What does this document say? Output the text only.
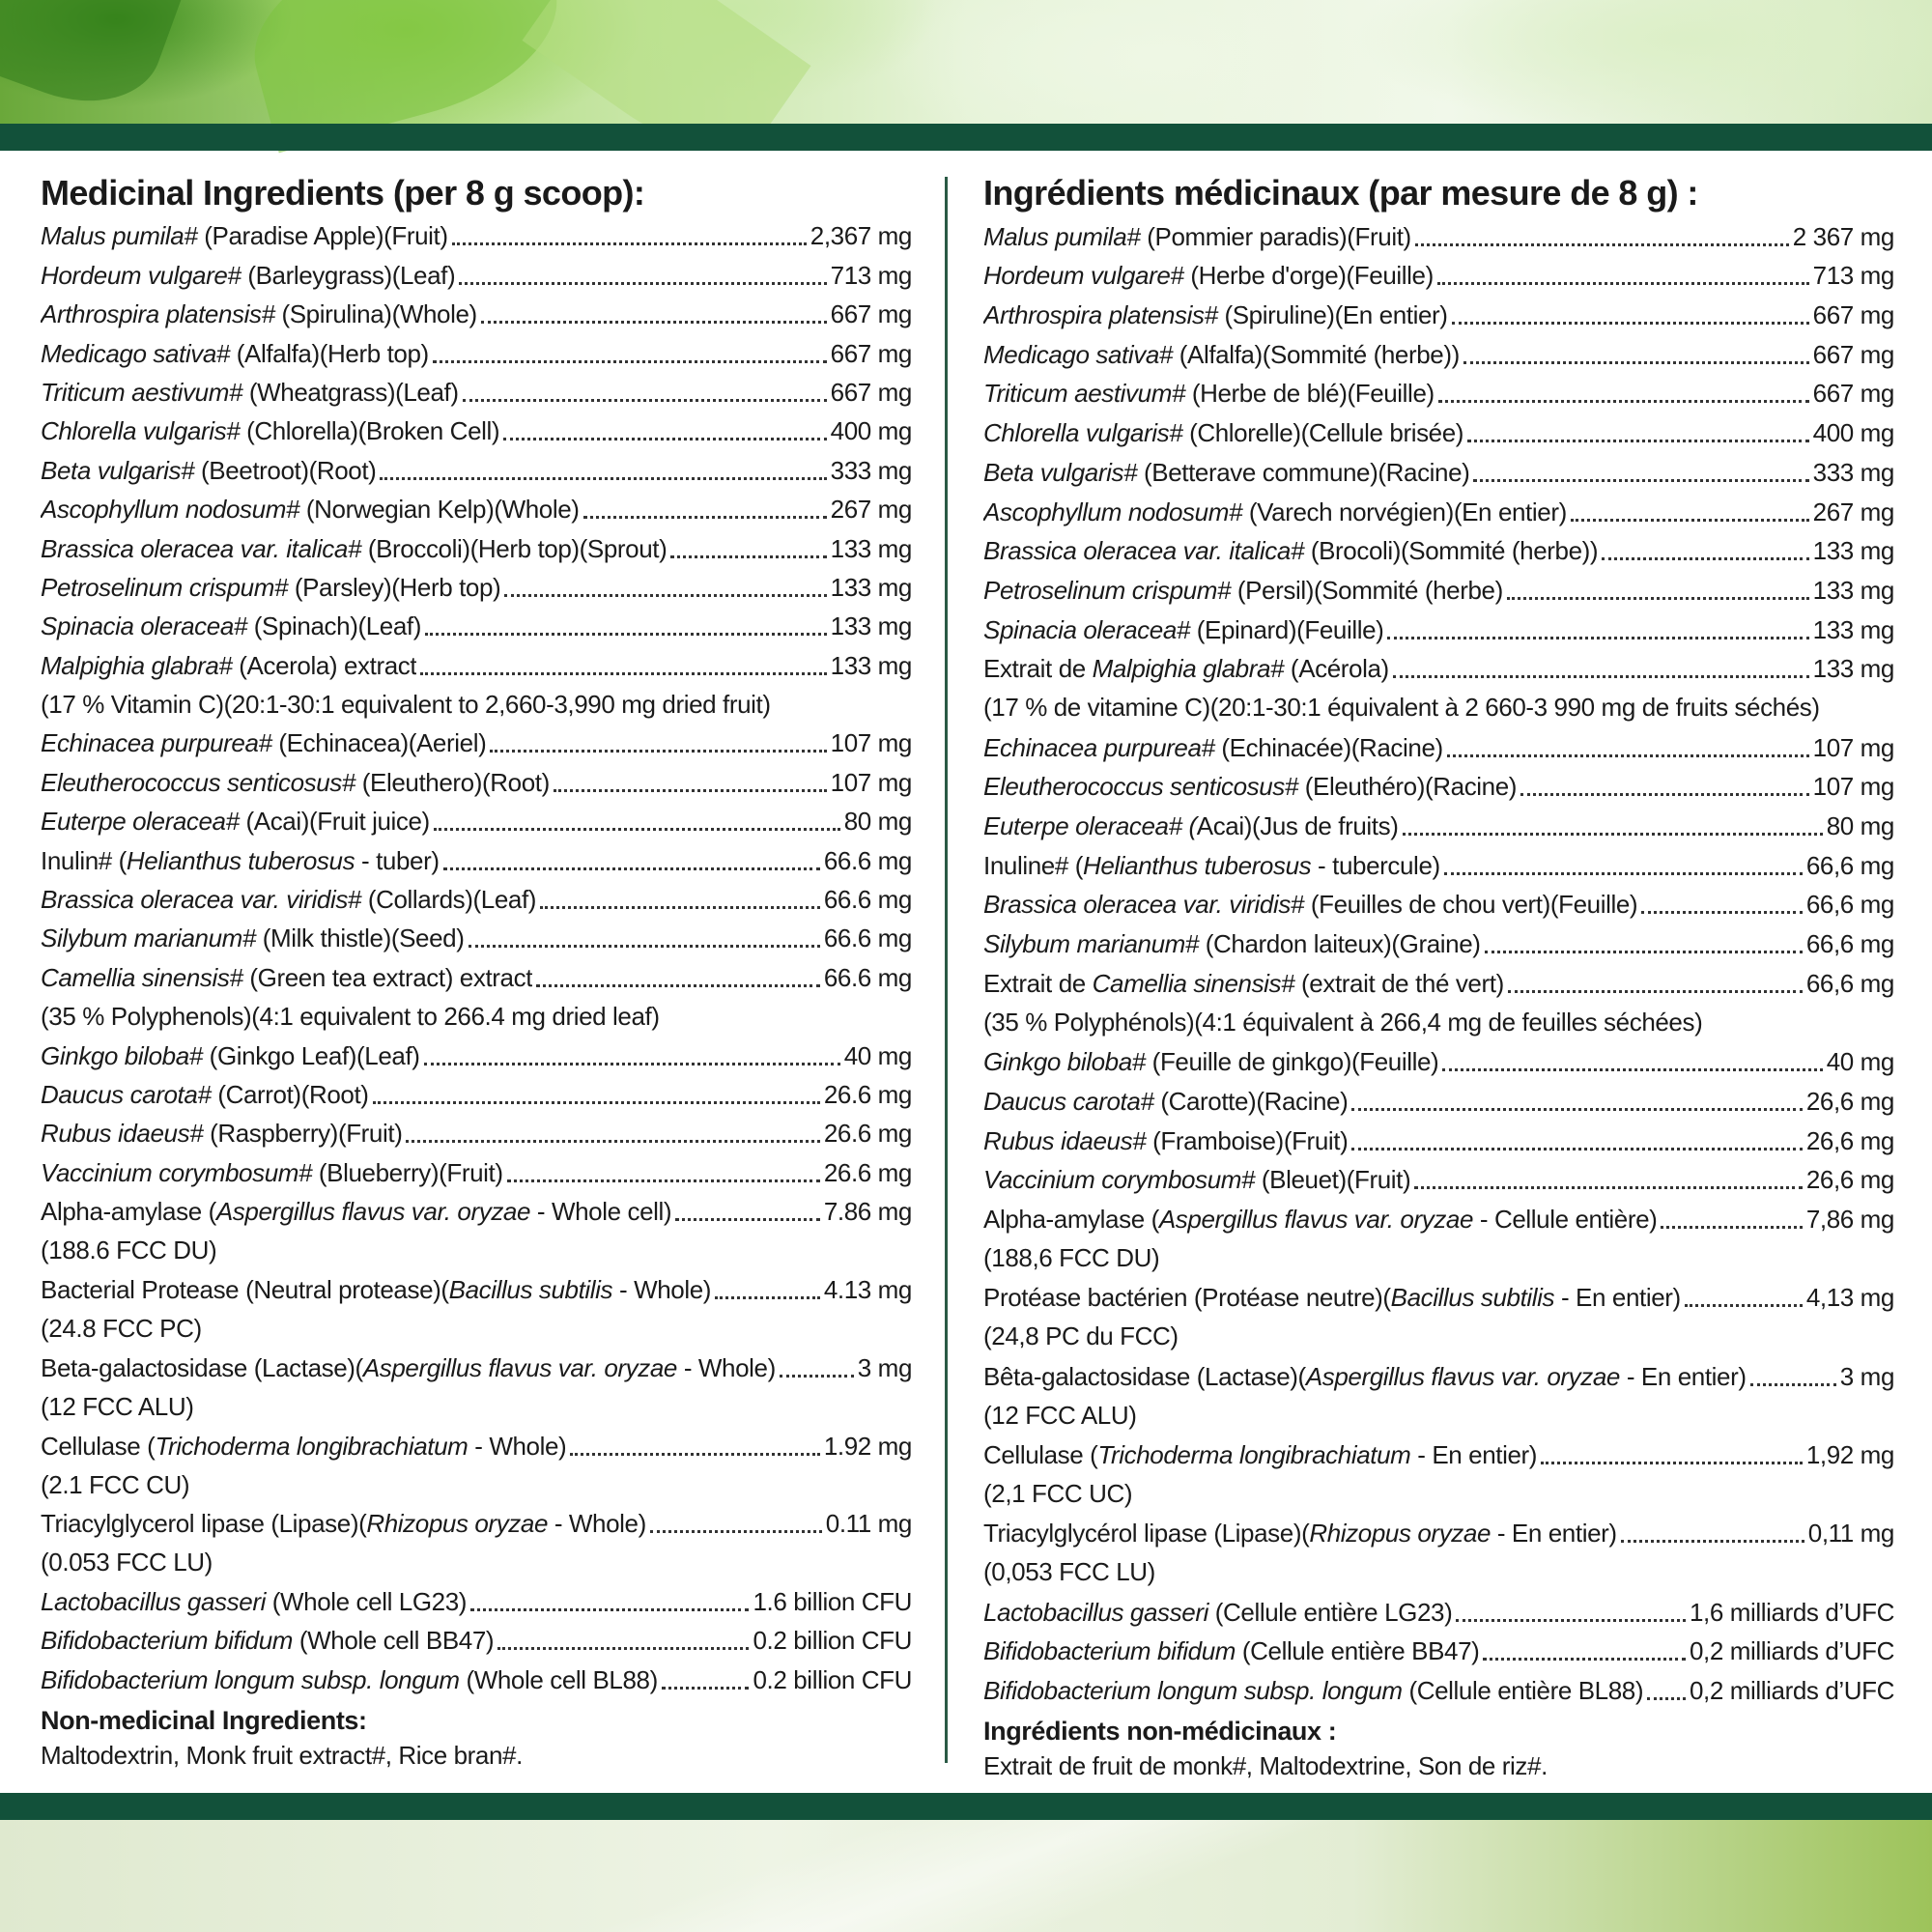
Medicinal Ingredients (per 8 g scoop):
Malus pumila# (Paradise Apple)(Fruit)	2,367 mg
Hordeum vulgare# (Barleygrass)(Leaf)	713 mg
Arthrospira platensis# (Spirulina)(Whole)	667 mg
Medicago sativa# (Alfalfa)(Herb top)	667 mg
Triticum aestivum# (Wheatgrass)(Leaf)	667 mg
Chlorella vulgaris# (Chlorella)(Broken Cell)	400 mg
Beta vulgaris# (Beetroot)(Root)	333 mg
Ascophyllum nodosum# (Norwegian Kelp)(Whole)	267 mg
Brassica oleracea var. italica# (Broccoli)(Herb top)(Sprout)	133 mg
Petroselinum crispum# (Parsley)(Herb top)	133 mg
Spinacia oleracea# (Spinach)(Leaf)	133 mg
Malpighia glabra# (Acerola) extract	133 mg
(17 % Vitamin C)(20:1-30:1 equivalent to 2,660-3,990 mg dried fruit)
Echinacea purpurea# (Echinacea)(Aeriel)	107 mg
Eleutherococcus senticosus# (Eleuthero)(Root)	107 mg
Euterpe oleracea# (Acai)(Fruit juice)	80 mg
Inulin# (Helianthus tuberosus - tuber)	66.6 mg
Brassica oleracea var. viridis# (Collards)(Leaf)	66.6 mg
Silybum marianum# (Milk thistle)(Seed)	66.6 mg
Camellia sinensis# (Green tea extract) extract	66.6 mg
(35 % Polyphenols)(4:1 equivalent to 266.4 mg dried leaf)
Ginkgo biloba# (Ginkgo Leaf)(Leaf)	40 mg
Daucus carota# (Carrot)(Root)	26.6 mg
Rubus idaeus# (Raspberry)(Fruit)	26.6 mg
Vaccinium corymbosum# (Blueberry)(Fruit)	26.6 mg
Alpha-amylase (Aspergillus flavus var. oryzae - Whole cell)	7.86 mg
(188.6 FCC DU)
Bacterial Protease (Neutral protease)(Bacillus subtilis - Whole)	4.13 mg
(24.8 FCC PC)
Beta-galactosidase (Lactase)(Aspergillus flavus var. oryzae - Whole)	3 mg
(12 FCC ALU)
Cellulase (Trichoderma longibrachiatum - Whole)	1.92 mg
(2.1 FCC CU)
Triacylglycerol lipase (Lipase)(Rhizopus oryzae - Whole)	0.11 mg
(0.053 FCC LU)
Lactobacillus gasseri (Whole cell LG23)	1.6 billion CFU
Bifidobacterium bifidum (Whole cell BB47)	0.2 billion CFU
Bifidobacterium longum subsp. longum (Whole cell BL88)	0.2 billion CFU
Non-medicinal Ingredients:
Maltodextrin, Monk fruit extract#, Rice bran#.
Ingrédients médicinaux (par mesure de 8 g) :
Malus pumila# (Pommier paradis)(Fruit)	2 367 mg
Hordeum vulgare# (Herbe d'orge)(Feuille)	713 mg
Arthrospira platensis# (Spiruline)(En entier)	667 mg
Medicago sativa# (Alfalfa)(Sommité (herbe))	667 mg
Triticum aestivum# (Herbe de blé)(Feuille)	667 mg
Chlorella vulgaris# (Chlorelle)(Cellule brisée)	400 mg
Beta vulgaris# (Betterave commune)(Racine)	333 mg
Ascophyllum nodosum# (Varech norvégien)(En entier)	267 mg
Brassica oleracea var. italica# (Brocoli)(Sommité (herbe))	133 mg
Petroselinum crispum# (Persil)(Sommité (herbe)	133 mg
Spinacia oleracea# (Epinard)(Feuille)	133 mg
Extrait de Malpighia glabra# (Acérola)	133 mg
(17 % de vitamine C)(20:1-30:1 équivalent à 2 660-3 990 mg de fruits séchés)
Echinacea purpurea# (Echinacée)(Racine)	107 mg
Eleutherococcus senticosus# (Eleuthéro)(Racine)	107 mg
Euterpe oleracea# (Acai)(Jus de fruits)	80 mg
Inuline# (Helianthus tuberosus - tubercule)	66,6 mg
Brassica oleracea var. viridis# (Feuilles de chou vert)(Feuille)	66,6 mg
Silybum marianum# (Chardon laiteux)(Graine)	66,6 mg
Extrait de Camellia sinensis# (extrait de thé vert)	66,6 mg
(35 % Polyphénols)(4:1 équivalent à 266,4 mg de feuilles séchées)
Ginkgo biloba# (Feuille de ginkgo)(Feuille)	40 mg
Daucus carota# (Carotte)(Racine)	26,6 mg
Rubus idaeus# (Framboise)(Fruit)	26,6 mg
Vaccinium corymbosum# (Bleuet)(Fruit)	26,6 mg
Alpha-amylase (Aspergillus flavus var. oryzae - Cellule entière)	7,86 mg
(188,6 FCC DU)
Protéase bactérien (Protéase neutre)(Bacillus subtilis - En entier)	4,13 mg
(24,8 PC du FCC)
Bêta-galactosidase (Lactase)(Aspergillus flavus var. oryzae - En entier)	3 mg
(12 FCC ALU)
Cellulase (Trichoderma longibrachiatum - En entier)	1,92 mg
(2,1 FCC UC)
Triacylglycérol lipase (Lipase)(Rhizopus oryzae - En entier)	0,11 mg
(0,053 FCC LU)
Lactobacillus gasseri (Cellule entière LG23)	1,6 milliards d’UFC
Bifidobacterium bifidum (Cellule entière BB47)	0,2 milliards d’UFC
Bifidobacterium longum subsp. longum (Cellule entière BL88) 0,2 milliards d’UFC
Ingrédients non-médicinaux :
Extrait de fruit de monk#, Maltodextrine, Son de riz#.
